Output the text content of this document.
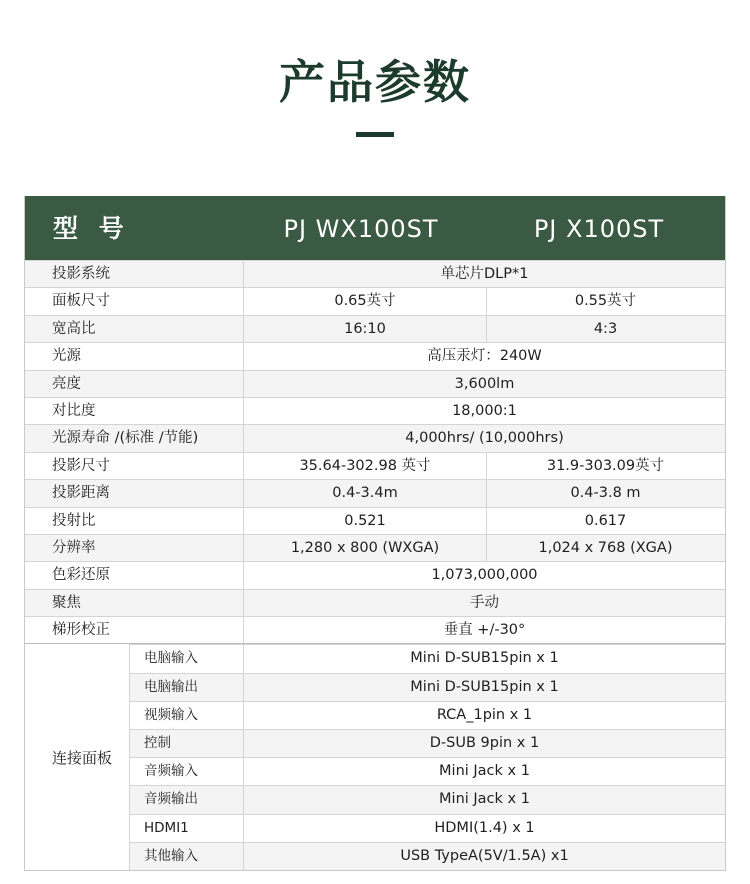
产品参数
型 号	PJ WX100ST	PJ X100ST
投影系统	单芯片DLP*1
面板尺寸	0.65英寸	0.55英寸
宽高比	16:10	4:3
光源	高压汞灯：240W
亮度	3,600lm
对比度	18,000:1
光源寿命 /(标准 /节能)	4,000hrs/ (10,000hrs)
投影尺寸	35.64-302.98 英寸	31.9-303.09英寸
投影距离	0.4-3.4m	0.4-3.8 m
投射比	0.521	0.617
分辨率	1,280 x 800 (WXGA)	1,024 x 768 (XGA)
色彩还原	1,073,000,000
聚焦	手动
梯形校正	垂直 +/-30°
连接面板
电脑输入	Mini D-SUB15pin x 1
电脑输出	Mini D-SUB15pin x 1
视频输入	RCA_1pin x 1
控制	D-SUB 9pin x 1
音频输入	Mini Jack x 1
音频输出	Mini Jack x 1
HDMI1	HDMI(1.4) x 1
其他输入	USB TypeA(5V/1.5A) x1
